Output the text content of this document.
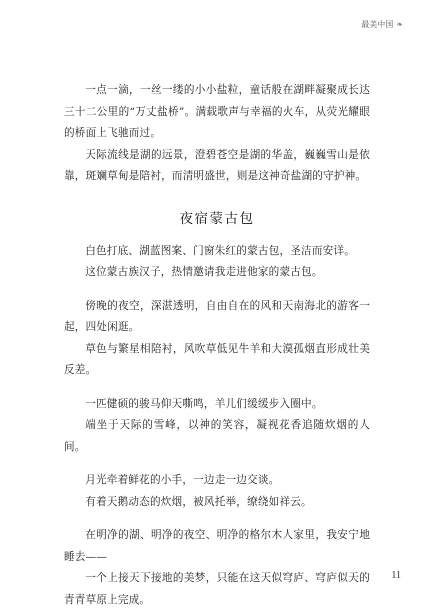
最美中国 ❧

一点一滴，一丝一缕的小小盐粒，童话般在湖畔凝聚成长达三十二公里的“万丈盐桥”。满载歌声与幸福的火车，从荧光耀眼的桥面上飞驰而过。

天际流线是湖的远景，澄碧苍空是湖的华盖，巍巍雪山是依靠，斑斓草甸是陪衬，而清明盛世，则是这神奇盐湖的守护神。

夜宿蒙古包

白色打底、湖蓝图案、门窗朱红的蒙古包，圣洁而安详。

这位蒙古族汉子，热情邀请我走进他家的蒙古包。

傍晚的夜空，深湛透明，自由自在的风和天南海北的游客一起，四处闲逛。

草色与繁星相陪衬，风吹草低见牛羊和大漠孤烟直形成壮美反差。

一匹健硕的骏马仰天嘶鸣，羊儿们缓缓步入圈中。

端坐于天际的雪峰，以神的笑容，凝视花香追随炊烟的人间。

月光牵着鲜花的小手，一边走一边交谈。

有着天鹅动态的炊烟，被风托举，缭绕如祥云。

在明净的湖、明净的夜空、明净的格尔木人家里，我安宁地睡去——

一个上接天下接地的美梦，只能在这天似穹庐、穹庐似天的青青草原上完成。

11
